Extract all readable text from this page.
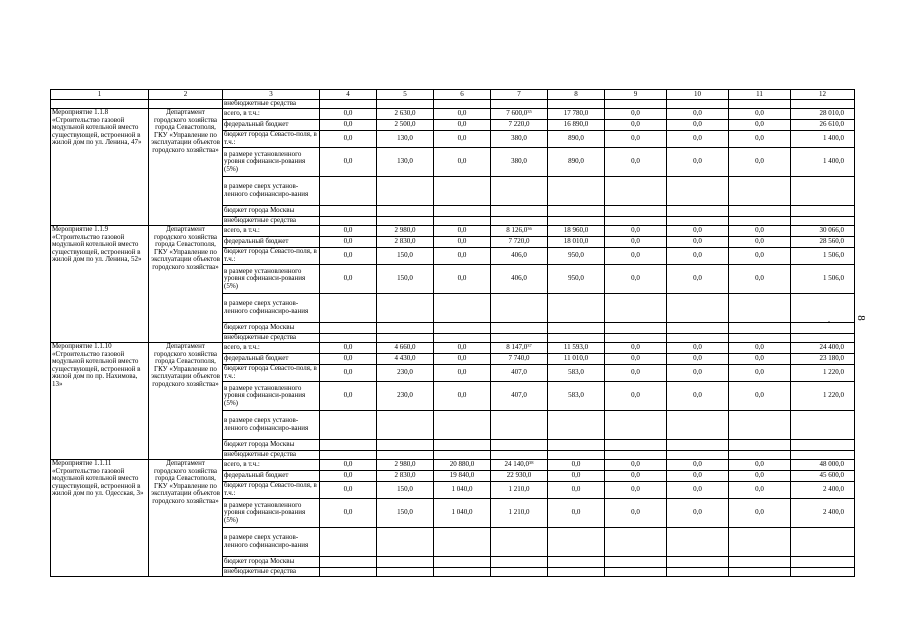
1	2	3	4	5	6	7	8	9	10	11	12
		внебюджетные средства									
Мероприятие 1.1.8 «Строительство газовой модульной котельной вместо существующей, встроенной в жилой дом по ул. Ленина, 47»	Департамент городского хозяйства города Севастополя, ГКУ «Управление по эксплуатации объектов городского хозяйства»	всего, в т.ч.:	0,0	2 630,0	0,0	7 600,0$^{35}$	17 780,0	0,0	0,0	0,0	28 010,0
		федеральный бюджет	0,0	2 500,0	0,0	7 220,0	16 890,0	0,0	0,0	0,0	26 610,0
		бюджет города Севасто-поля, в т.ч.:	0,0	130,0	0,0	380,0	890,0	0,0	0,0	0,0	1 400,0
		в размере установленного уровня софинанси-рования (5%)	0,0	130,0	0,0	380,0	890,0	0,0	0,0	0,0	1 400,0
		в размере сверх установ-ленного софинансиро-вания									
		бюджет города Москвы									
		внебюджетные средства									
Мероприятие 1.1.9 «Строительство газовой модульной котельной вместо существующей, встроенной в жилой дом по ул. Ленина, 52»	Департамент городского хозяйства города Севастополя, ГКУ «Управление по эксплуатации объектов городского хозяйства»	всего, в т.ч.:	0,0	2 980,0	0,0	8 126,0$^{36}$	18 960,0	0,0	0,0	0,0	30 066,0
		федеральный бюджет	0,0	2 830,0	0,0	7 720,0	18 010,0	0,0	0,0	0,0	28 560,0
		бюджет города Севасто-поля, в т.ч.:	0,0	150,0	0,0	406,0	950,0	0,0	0,0	0,0	1 506,0
		в размере установленного уровня софинанси-рования (5%)	0,0	150,0	0,0	406,0	950,0	0,0	0,0	0,0	1 506,0
		в размере сверх установ-ленного софинансиро-вания									
		бюджет города Москвы									
		внебюджетные средства									
Мероприятие 1.1.10 «Строительство газовой модульной котельной вместо существующей, встроенной в жилой дом по пр. Нахимова, 13»	Департамент городского хозяйства города Севастополя, ГКУ «Управление по эксплуатации объектов городского хозяйства»	всего, в т.ч.:	0,0	4 660,0	0,0	8 147,0$^{37}$	11 593,0	0,0	0,0	0,0	24 400,0
		федеральный бюджет	0,0	4 430,0	0,0	7 740,0	11 010,0	0,0	0,0	0,0	23 180,0
		бюджет города Севасто-поля, в т.ч.:	0,0	230,0	0,0	407,0	583,0	0,0	0,0	0,0	1 220,0
		в размере установленного уровня софинанси-рования (5%)	0,0	230,0	0,0	407,0	583,0	0,0	0,0	0,0	1 220,0
		в размере сверх установ-ленного софинансиро-вания									
		бюджет города Москвы									
		внебюджетные средства									
Мероприятие 1.1.11 «Строительство газовой модульной котельной вместо существующей, встроенной в жилой дом по ул. Одесская, 3»	Департамент городского хозяйства города Севастополя, ГКУ «Управление по эксплуатации объектов городского хозяйства»	всего, в т.ч.:	0,0	2 980,0	20 880,0	24 140,0$^{38}$	0,0	0,0	0,0	0,0	48 000,0
		федеральный бюджет	0,0	2 830,0	19 840,0	22 930,0	0,0	0,0	0,0	0,0	45 600,0
		бюджет города Севасто-поля, в т.ч.:	0,0	150,0	1 040,0	1 210,0	0,0	0,0	0,0	0,0	2 400,0
		в размере установленного уровня софинанси-рования (5%)	0,0	150,0	1 040,0	1 210,0	0,0	0,0	0,0	0,0	2 400,0
		в размере сверх установ-ленного софинансиро-вания									
		бюджет города Москвы									
		внебюджетные средства									
8
.
